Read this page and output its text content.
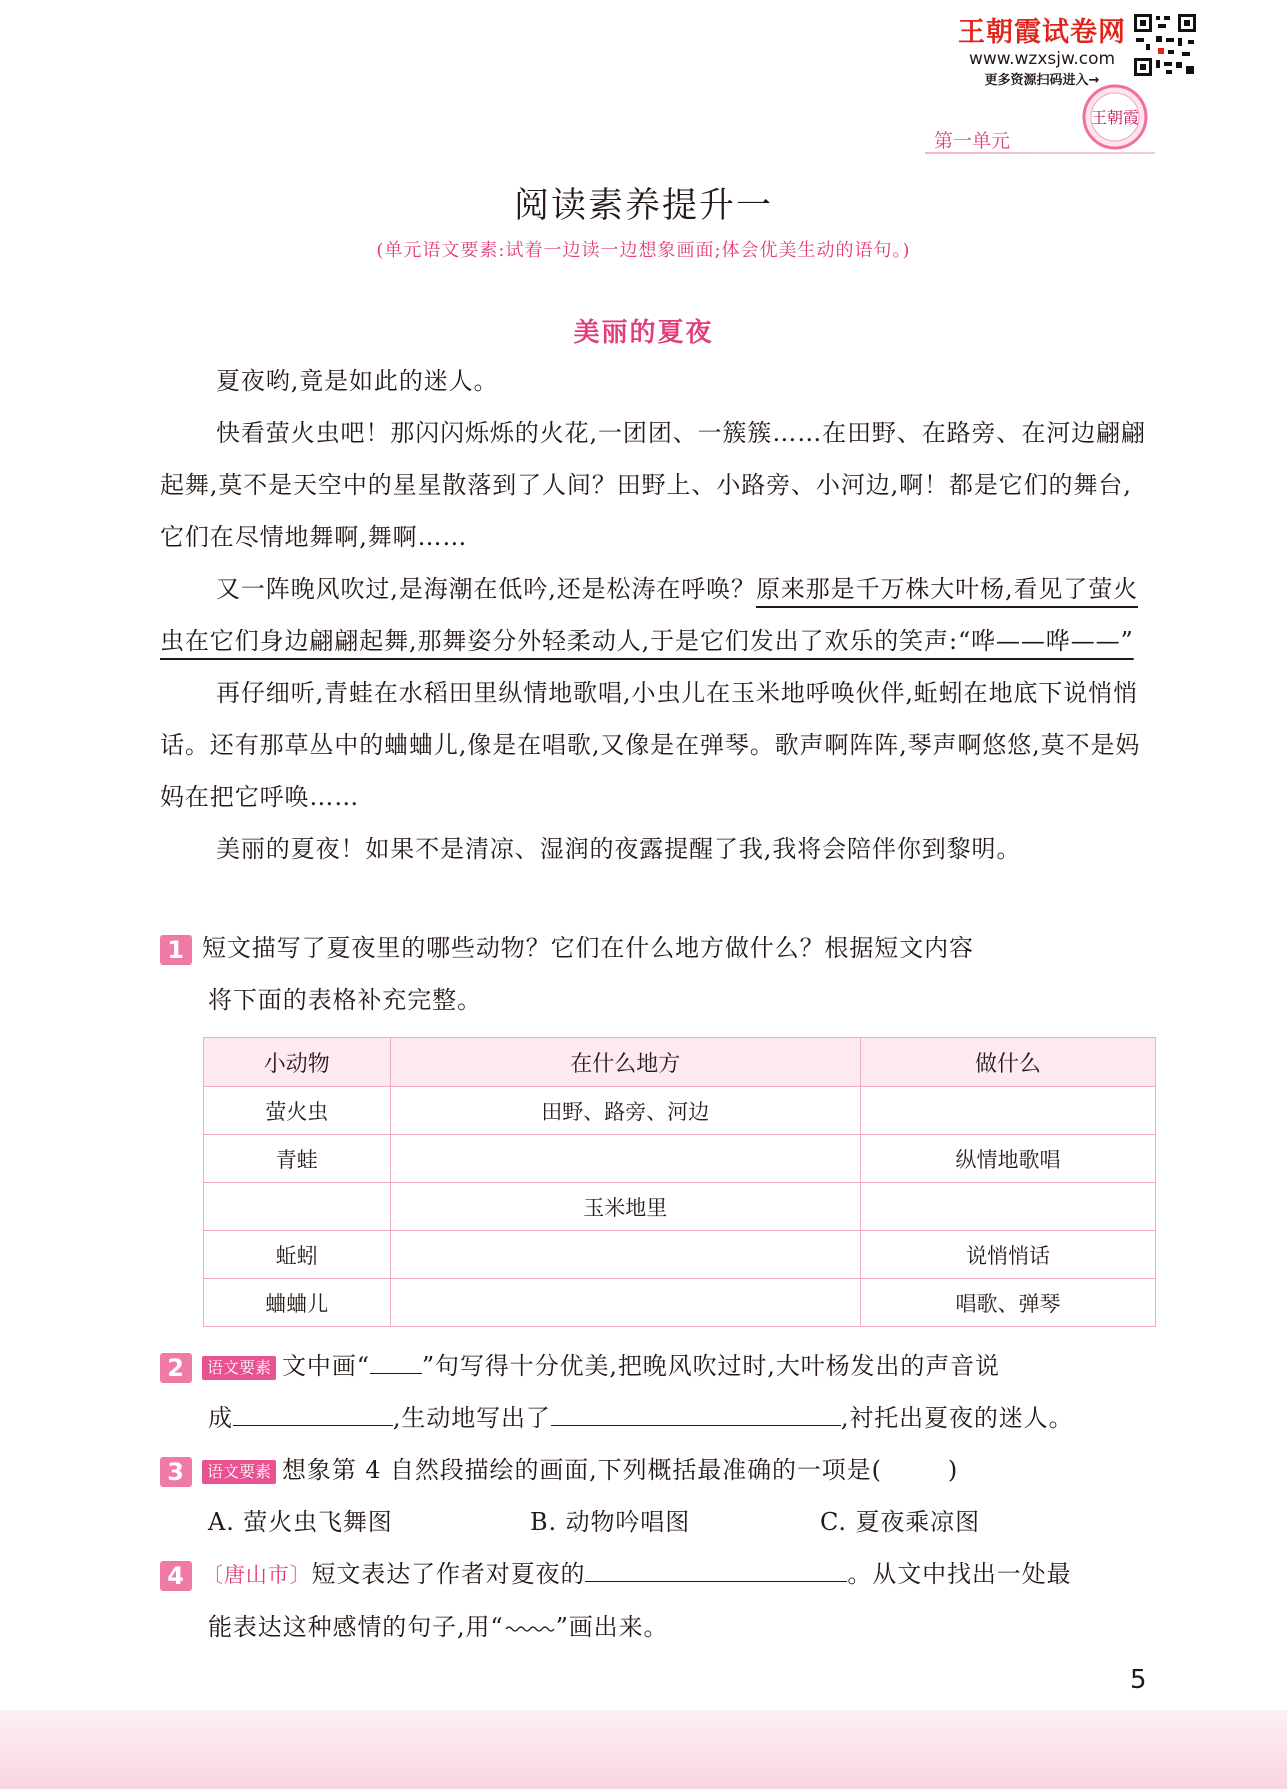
王朝霞试卷网
www.wzxsjw.com
更多资源扫码进入→
王朝霞
第一单元
阅读素养提升一
(单元语文要素:试着一边读一边想象画面;体会优美生动的语句。)
美丽的夏夜

夏夜哟,竟是如此的迷人。

快看萤火虫吧！那闪闪烁烁的火花,一团团、一簇簇……在田野、在路旁、在河边翩翩起舞,莫不是天空中的星星散落到了人间？田野上、小路旁、小河边,啊！都是它们的舞台,它们在尽情地舞啊,舞啊……

又一阵晚风吹过,是海潮在低吟,还是松涛在呼唤？原来那是千万株大叶杨,看见了萤火虫在它们身边翩翩起舞,那舞姿分外轻柔动人,于是它们发出了欢乐的笑声:“哗——哗——”

再仔细听,青蛙在水稻田里纵情地歌唱,小虫儿在玉米地呼唤伙伴,蚯蚓在地底下说悄悄话。还有那草丛中的蛐蛐儿,像是在唱歌,又像是在弹琴。歌声啊阵阵,琴声啊悠悠,莫不是妈妈在把它呼唤……

美丽的夏夜！如果不是清凉、湿润的夜露提醒了我,我将会陪伴你到黎明。

1 短文描写了夏夜里的哪些动物？它们在什么地方做什么？根据短文内容
将下面的表格补充完整。
小动物	在什么地方	做什么
萤火虫	田野、路旁、河边	
青蛙		纵情地歌唱
	玉米地里	
蚯蚓		说悄悄话
蛐蛐儿		唱歌、弹琴
2 语文要素 文中画“ ”句写得十分优美,把晚风吹过时,大叶杨发出的声音说
成	,生动地写出了	,衬托出夏夜的迷人。
3 语文要素 想象第 4 自然段描绘的画面,下列概括最准确的一项是(	)
A. 萤火虫飞舞图	B. 动物吟唱图	C. 夏夜乘凉图
4 〔唐山市〕短文表达了作者对夏夜的	。从文中找出一处最
能表达这种感情的句子,用“ ”画出来。
5
